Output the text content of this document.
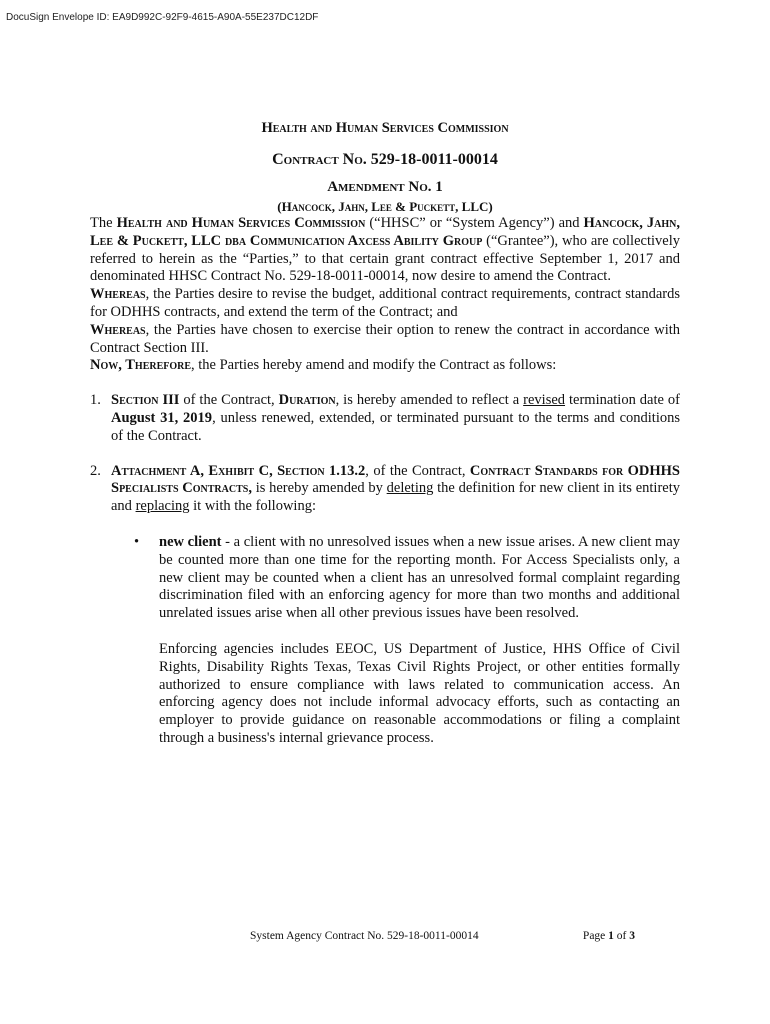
DocuSign Envelope ID: EA9D992C-92F9-4615-A90A-55E237DC12DF
Health and Human Services Commission
Contract No. 529-18-0011-00014
Amendment No. 1
(Hancock, Jahn, Lee & Puckett, LLC)

The Health and Human Services Commission (“HHSC” or “System Agency”) and Hancock, Jahn, Lee & Puckett, LLC dba Communication Axcess Ability Group (“Grantee”), who are collectively referred to herein as the “Parties,” to that certain grant contract effective September 1, 2017 and denominated HHSC Contract No. 529-18-0011-00014, now desire to amend the Contract.

Whereas, the Parties desire to revise the budget, additional contract requirements, contract standards for ODHHS contracts, and extend the term of the Contract; and

Whereas, the Parties have chosen to exercise their option to renew the contract in accordance with Contract Section III.

Now, Therefore, the Parties hereby amend and modify the Contract as follows:

1. Section III of the Contract, Duration, is hereby amended to reflect a revised termination date of August 31, 2019, unless renewed, extended, or terminated pursuant to the terms and conditions of the Contract.

2. Attachment A, Exhibit C, Section 1.13.2, of the Contract, Contract Standards for ODHHS Specialists Contracts, is hereby amended by deleting the definition for new client in its entirety and replacing it with the following:

• new client - a client with no unresolved issues when a new issue arises. A new client may be counted more than one time for the reporting month. For Access Specialists only, a new client may be counted when a client has an unresolved formal complaint regarding discrimination filed with an enforcing agency for more than two months and additional unrelated issues arise when all other previous issues have been resolved.

Enforcing agencies includes EEOC, US Department of Justice, HHS Office of Civil Rights, Disability Rights Texas, Texas Civil Rights Project, or other entities formally authorized to ensure compliance with laws related to communication access. An enforcing agency does not include informal advocacy efforts, such as contacting an employer to provide guidance on reasonable accommodations or filing a complaint through a business's internal grievance process.

System Agency Contract No. 529-18-0011-00014	Page 1 of 3
